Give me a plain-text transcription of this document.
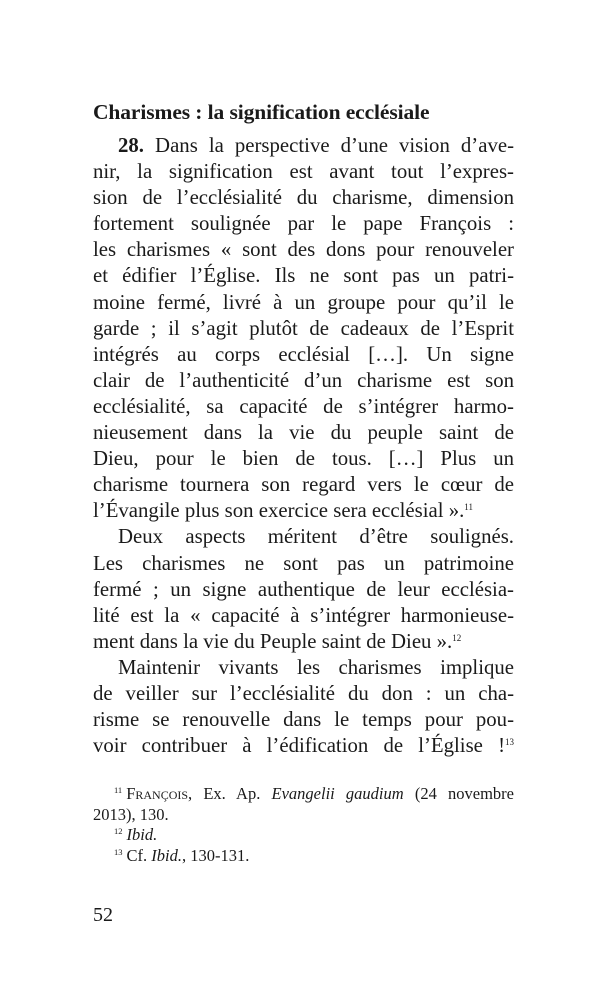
Charismes : la signification ecclésiale

28. Dans la perspective d’une vision d’ave-
nir, la signification est avant tout l’expres-
sion de l’ecclésialité du charisme, dimension
fortement soulignée par le pape François :
les charismes « sont des dons pour renouveler
et édifier l’Église. Ils ne sont pas un patri-
moine fermé, livré à un groupe pour qu’il le
garde ; il s’agit plutôt de cadeaux de l’Esprit
intégrés au corps ecclésial […]. Un signe
clair de l’authenticité d’un charisme est son
ecclésialité, sa capacité de s’intégrer harmo-
nieusement dans la vie du peuple saint de
Dieu, pour le bien de tous. […] Plus un
charisme tournera son regard vers le cœur de
l’Évangile plus son exercice sera ecclésial ».$^{11}$

Deux aspects méritent d’être soulignés.
Les charismes ne sont pas un patrimoine
fermé ; un signe authentique de leur ecclésia-
lité est la « capacité à s’intégrer harmonieuse-
ment dans la vie du Peuple saint de Dieu ».$^{12}$

Maintenir vivants les charismes implique
de veiller sur l’ecclésialité du don : un cha-
risme se renouvelle dans le temps pour pou-
voir contribuer à l’édification de l’Église !$^{13}$

$^{11}$ François, Ex. Ap. Evangelii gaudium (24 novembre
2013), 130.
$^{12}$ Ibid.
$^{13}$ Cf. Ibid., 130-131.
52
